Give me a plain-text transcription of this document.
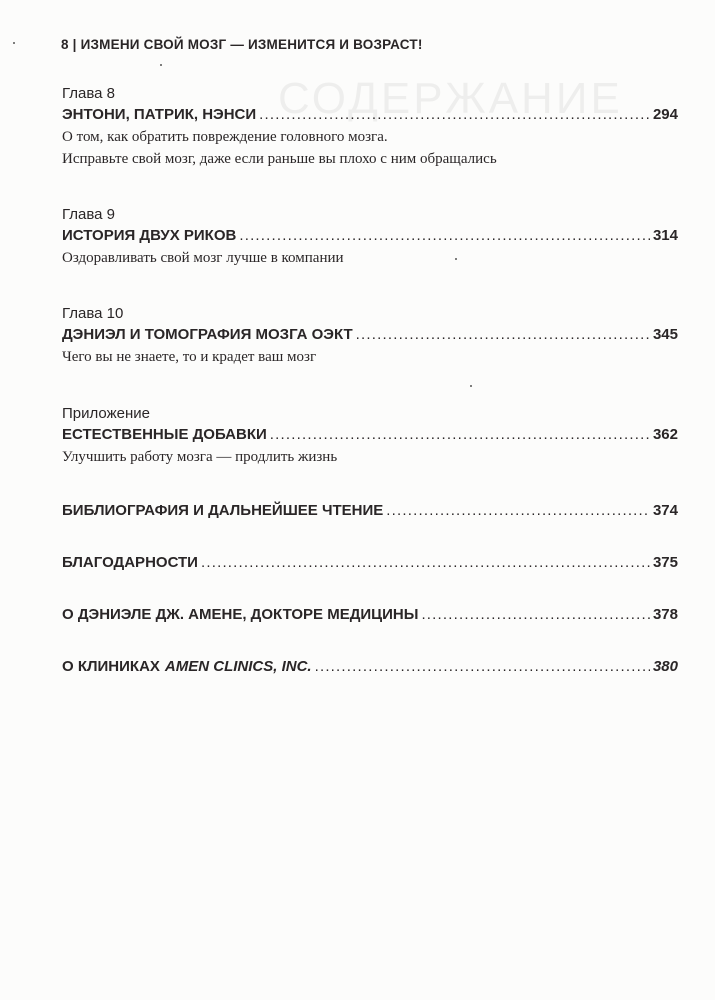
СОДЕРЖАНИЕ
8 | ИЗМЕНИ СВОЙ МОЗГ — ИЗМЕНИТСЯ И ВОЗРАСТ!
Глава 8
ЭНТОНИ, ПАТРИК, НЭНСИ .....	294
О том, как обратить повреждение головного мозга.
Исправьте свой мозг, даже если раньше вы плохо с ним обращались
Глава 9
ИСТОРИЯ ДВУХ РИКОВ .....	314
Оздоравливать свой мозг лучше в компании
Глава 10
ДЭНИЭЛ И ТОМОГРАФИЯ МОЗГА ОЭКТ .....	345
Чего вы не знаете, то и крадет ваш мозг
Приложение
ЕСТЕСТВЕННЫЕ ДОБАВКИ .....	362
Улучшить работу мозга — продлить жизнь
БИБЛИОГРАФИЯ И ДАЛЬНЕЙШЕЕ ЧТЕНИЕ .....	374
БЛАГОДАРНОСТИ .....	375
О ДЭНИЭЛЕ ДЖ. АМЕНЕ, ДОКТОРЕ МЕДИЦИНЫ .....	378
О КЛИНИКАХ AMEN CLINICS, INC. .....	380
